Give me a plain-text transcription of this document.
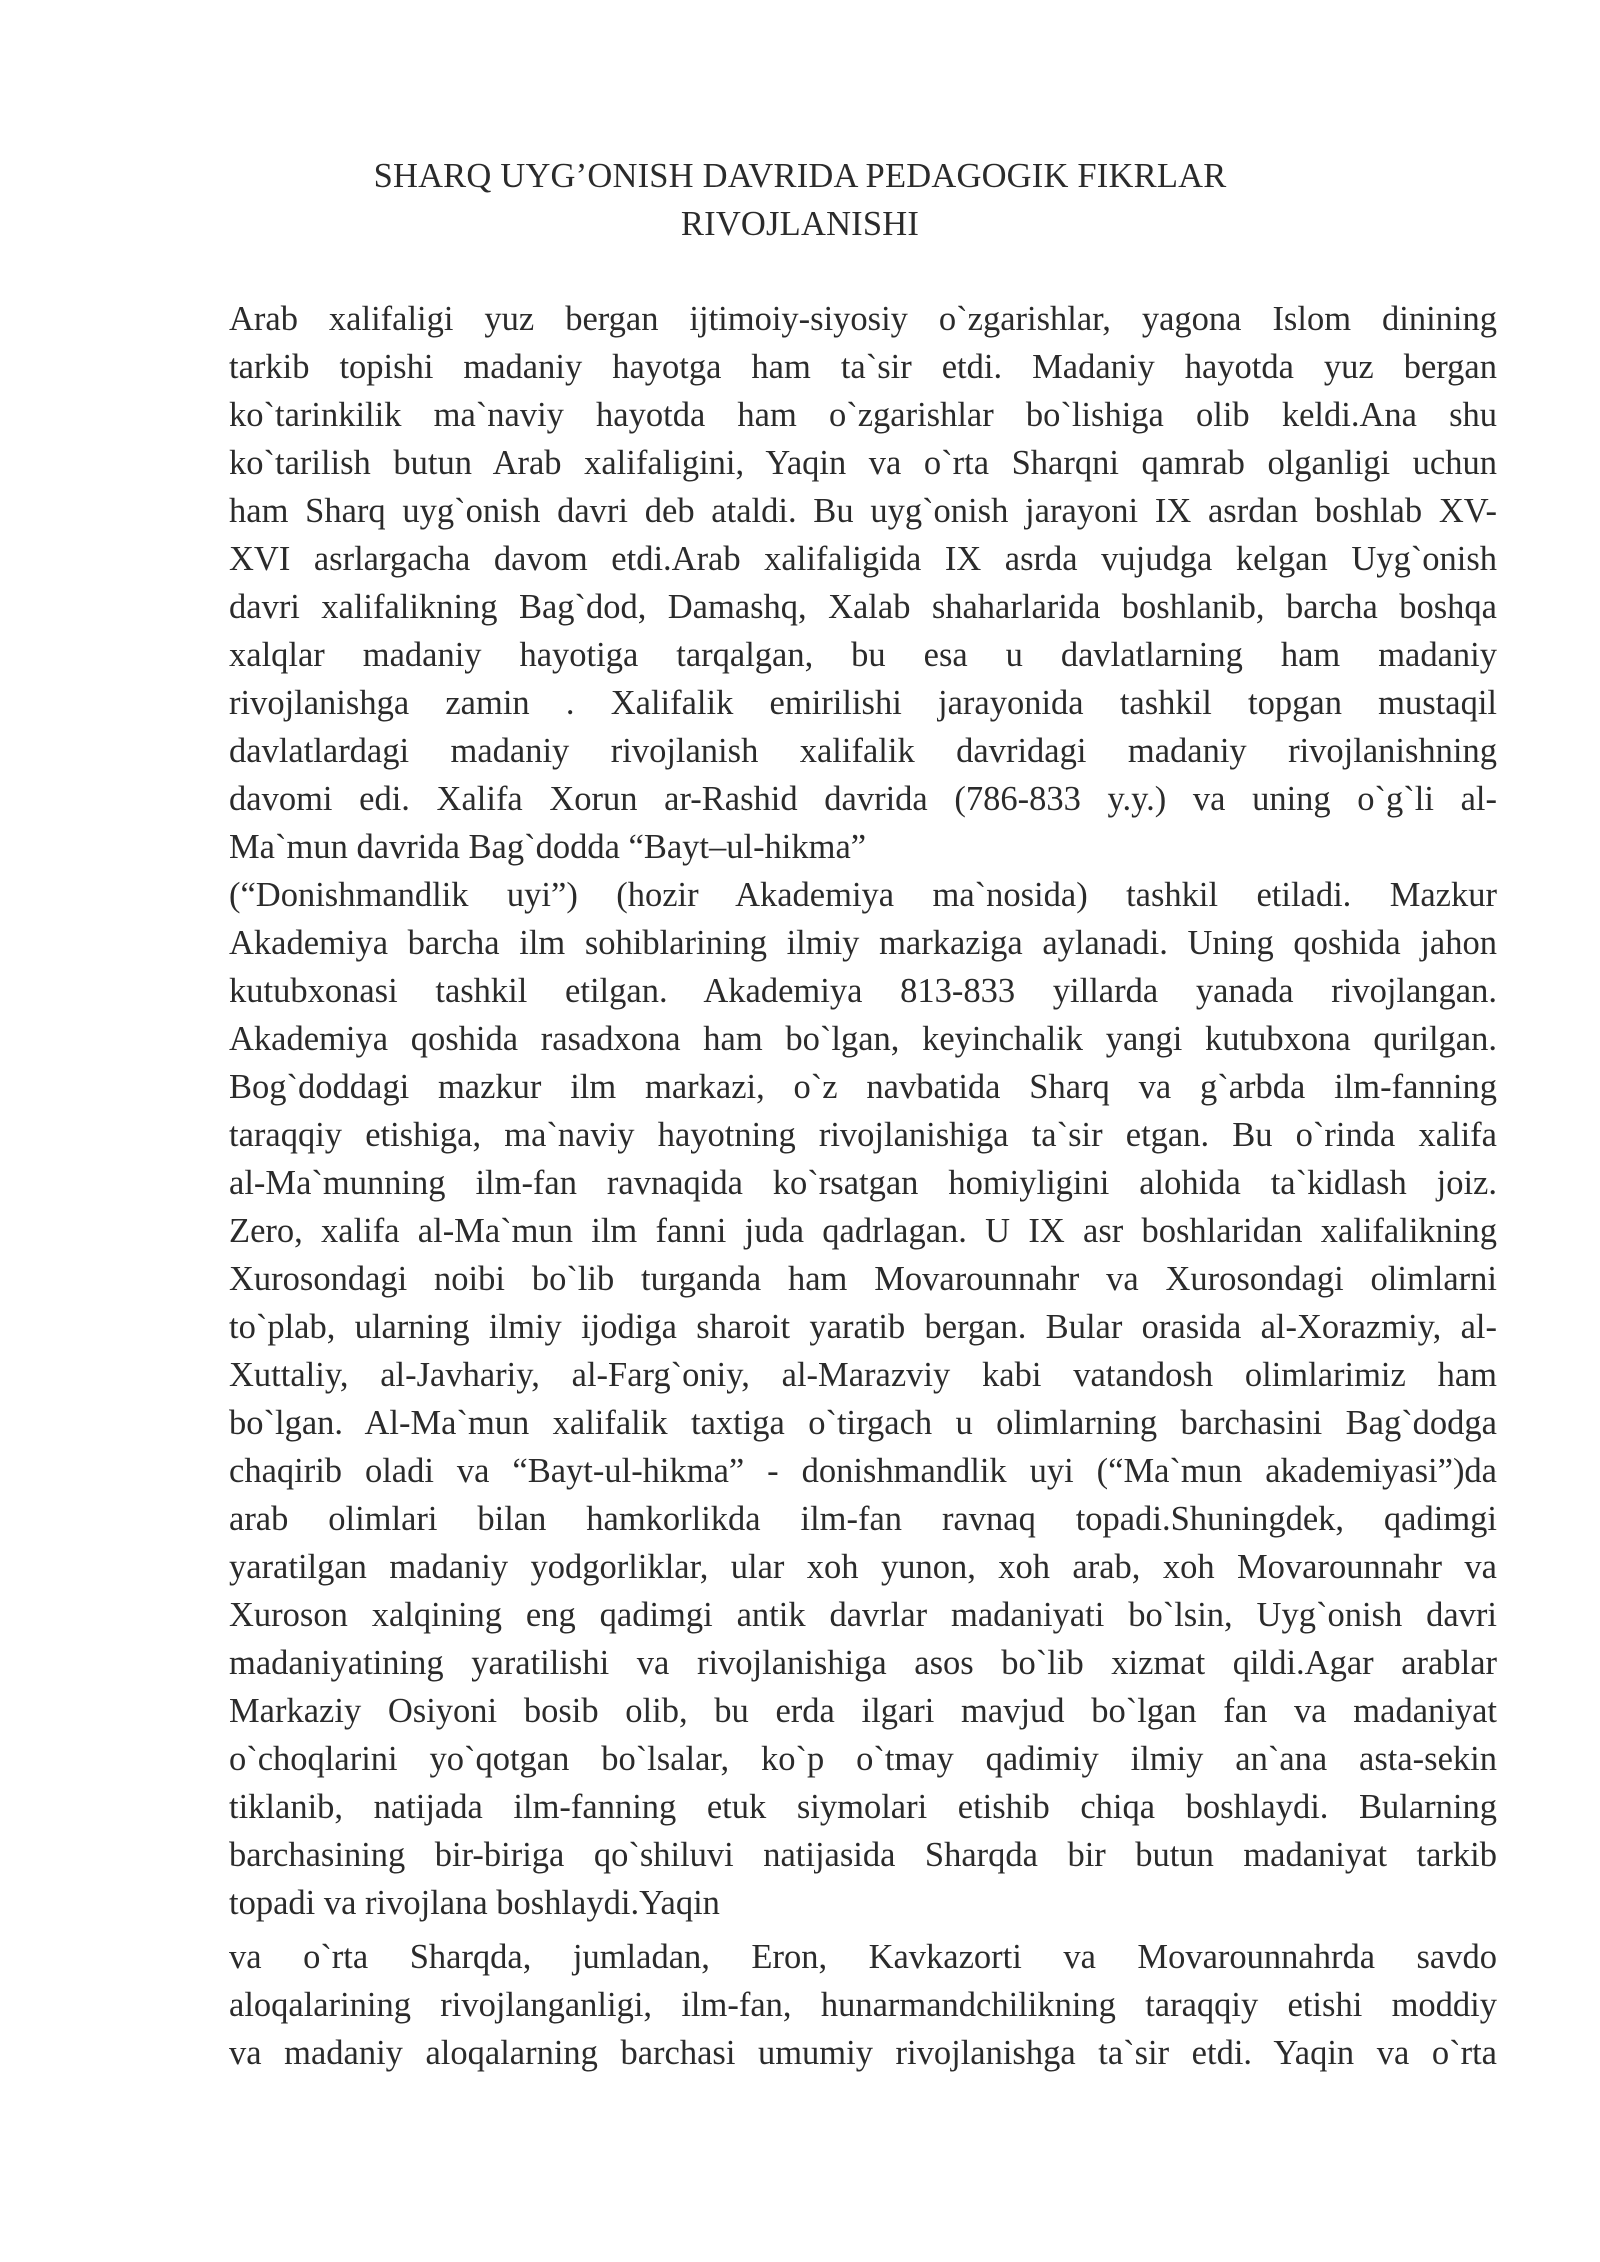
SHARQ UYG’ONISH DAVRIDA PEDAGOGIK FIKRLAR
RIVOJLANISHI

Arab xalifaligi yuz bergan ijtimoiy-siyosiy o`zgarishlar, yagona Islom dinining
tarkib topishi madaniy hayotga ham ta`sir etdi. Madaniy hayotda yuz bergan
ko`tarinkilik ma`naviy hayotda ham o`zgarishlar bo`lishiga olib keldi.Ana shu
ko`tarilish butun Arab xalifaligini, Yaqin va o`rta Sharqni qamrab olganligi uchun
ham Sharq uyg`onish davri deb ataldi. Bu uyg`onish jarayoni IX asrdan boshlab XV-
XVI asrlargacha davom etdi.Arab xalifaligida IX asrda vujudga kelgan Uyg`onish
davri xalifalikning Bag`dod, Damashq, Xalab shaharlarida boshlanib, barcha boshqa
xalqlar madaniy hayotiga tarqalgan, bu esa u davlatlarning ham madaniy
rivojlanishga zamin . Xalifalik emirilishi jarayonida tashkil topgan mustaqil
davlatlardagi madaniy rivojlanish xalifalik davridagi madaniy rivojlanishning
davomi edi. Xalifa Xorun ar-Rashid davrida (786-833 y.y.) va uning o`g`li al-
Ma`mun davrida Bag`dodda “Bayt–ul-hikma”

(“Donishmandlik uyi”) (hozir Akademiya ma`nosida) tashkil etiladi. Mazkur
Akademiya barcha ilm sohiblarining ilmiy markaziga aylanadi. Uning qoshida jahon
kutubxonasi tashkil etilgan. Akademiya 813-833 yillarda yanada rivojlangan.
Akademiya qoshida rasadxona ham bo`lgan, keyinchalik yangi kutubxona qurilgan.
Bog`doddagi mazkur ilm markazi, o`z navbatida Sharq va g`arbda ilm-fanning
taraqqiy etishiga, ma`naviy hayotning rivojlanishiga ta`sir etgan. Bu o`rinda xalifa
al-Ma`munning ilm-fan ravnaqida ko`rsatgan homiyligini alohida ta`kidlash joiz.
Zero, xalifa al-Ma`mun ilm fanni juda qadrlagan. U IX asr boshlaridan xalifalikning
Xurosondagi noibi bo`lib turganda ham Movarounnahr va Xurosondagi olimlarni
to`plab, ularning ilmiy ijodiga sharoit yaratib bergan. Bular orasida al-Xorazmiy, al-
Xuttaliy, al-Javhariy, al-Farg`oniy, al-Marazviy kabi vatandosh olimlarimiz ham
bo`lgan. Al-Ma`mun xalifalik taxtiga o`tirgach u olimlarning barchasini Bag`dodga
chaqirib oladi va “Bayt-ul-hikma” - donishmandlik uyi (“Ma`mun akademiyasi”)da
arab olimlari bilan hamkorlikda ilm-fan ravnaq topadi.Shuningdek, qadimgi
yaratilgan madaniy yodgorliklar, ular xoh yunon, xoh arab, xoh Movarounnahr va
Xuroson xalqining eng qadimgi antik davrlar madaniyati bo`lsin, Uyg`onish davri
madaniyatining yaratilishi va rivojlanishiga asos bo`lib xizmat qildi.Agar arablar
Markaziy Osiyoni bosib olib, bu erda ilgari mavjud bo`lgan fan va madaniyat
o`choqlarini yo`qotgan bo`lsalar, ko`p o`tmay qadimiy ilmiy an`ana asta-sekin
tiklanib, natijada ilm-fanning etuk siymolari etishib chiqa boshlaydi. Bularning
barchasining bir-biriga qo`shiluvi natijasida Sharqda bir butun madaniyat tarkib
topadi va rivojlana boshlaydi.Yaqin

va o`rta Sharqda, jumladan, Eron, Kavkazorti va Movarounnahrda savdo
aloqalarining rivojlanganligi, ilm-fan, hunarmandchilikning taraqqiy etishi moddiy
va madaniy aloqalarning barchasi umumiy rivojlanishga ta`sir etdi. Yaqin va o`rta
